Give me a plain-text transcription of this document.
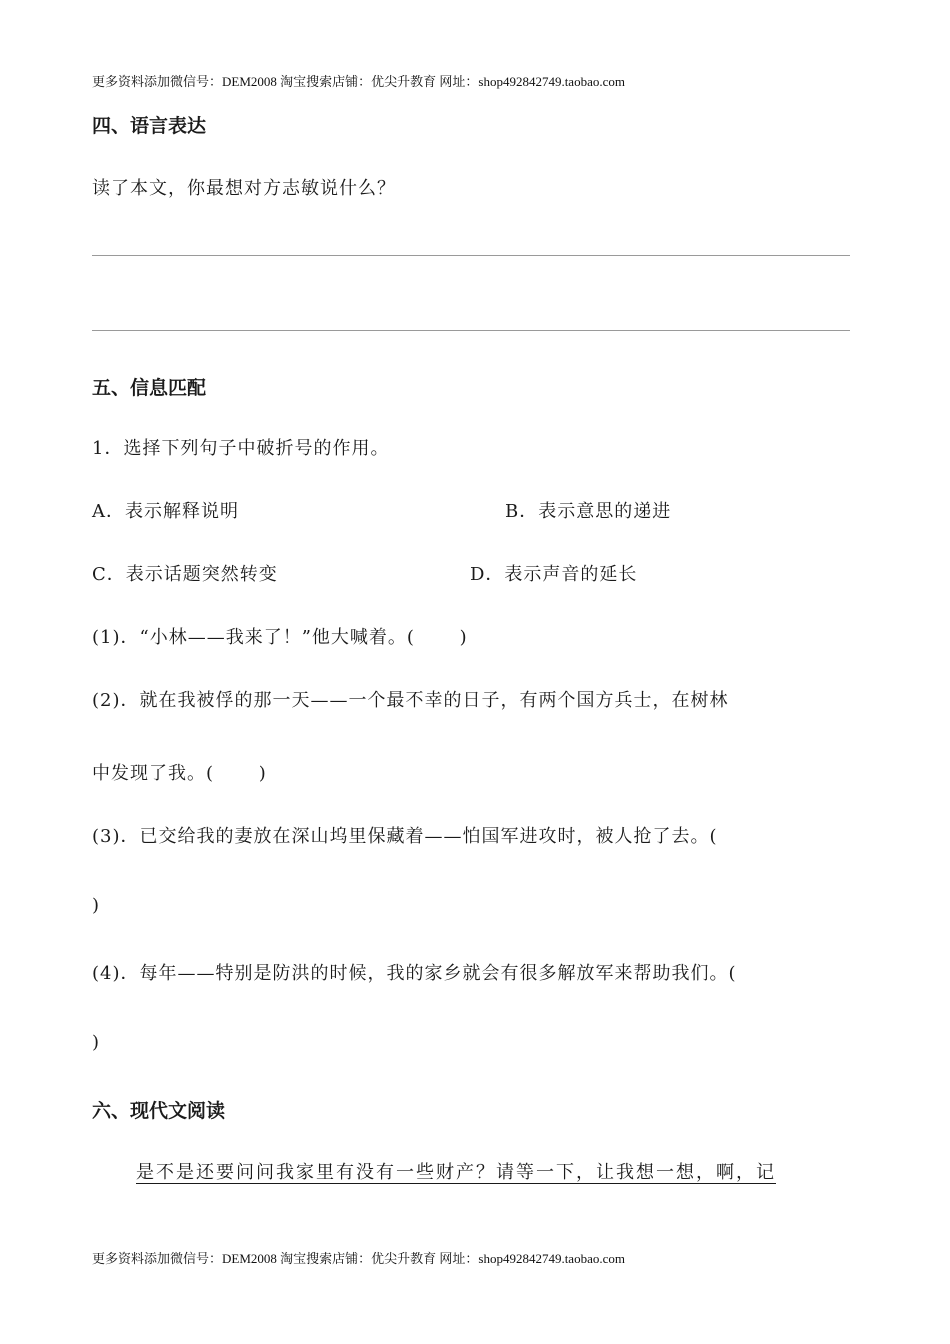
更多资料添加微信号：DEM2008 淘宝搜索店铺：优尖升教育 网址：shop492842749.taobao.com
四、语言表达
读了本文，你最想对方志敏说什么？
五、信息匹配
1．选择下列句子中破折号的作用。
A．表示解释说明	B．表示意思的递进
C．表示话题突然转变	D．表示声音的延长
(1)．“小林——我来了！”他大喊着。(　　 )
(2)．就在我被俘的那一天——一个最不幸的日子，有两个国方兵士，在树林
中发现了我。(　　 )
(3)．已交给我的妻放在深山坞里保藏着——怕国军进攻时，被人抢了去。(
)
(4)．每年——特别是防洪的时候，我的家乡就会有很多解放军来帮助我们。(
)
六、现代文阅读
是不是还要问问我家里有没有一些财产？请等一下，让我想一想，啊，记
更多资料添加微信号：DEM2008 淘宝搜索店铺：优尖升教育 网址：shop492842749.taobao.com
